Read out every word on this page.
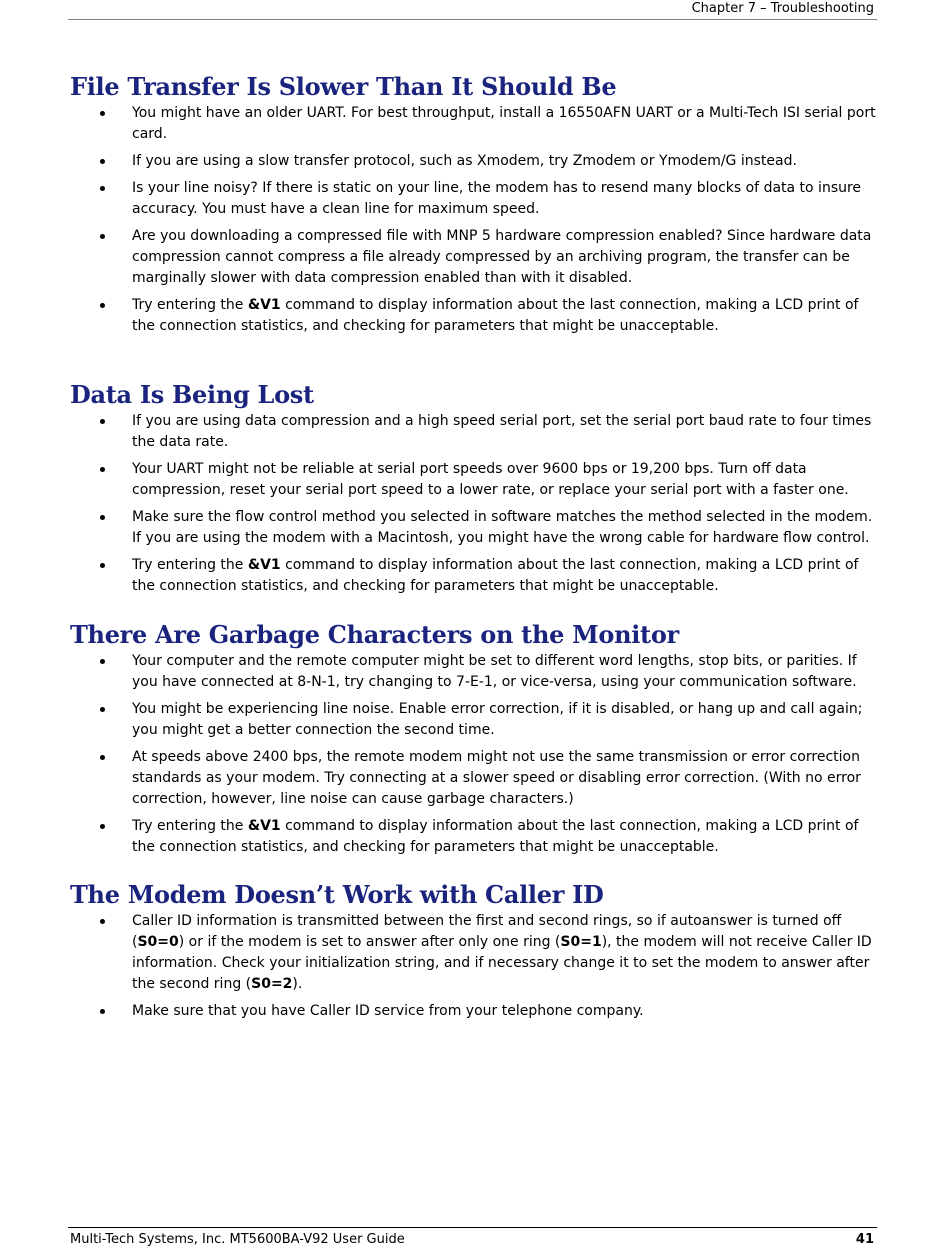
Chapter 7 – Troubleshooting
File Transfer Is Slower Than It Should Be
You might have an older UART. For best throughput, install a 16550AFN UART or a Multi-Tech ISI serial port card.
If you are using a slow transfer protocol, such as Xmodem, try Zmodem or Ymodem/G instead.
Is your line noisy? If there is static on your line, the modem has to resend many blocks of data to insure accuracy. You must have a clean line for maximum speed.
Are you downloading a compressed file with MNP 5 hardware compression enabled? Since hardware data compression cannot compress a file already compressed by an archiving program, the transfer can be marginally slower with data compression enabled than with it disabled.
Try entering the &V1 command to display information about the last connection, making a LCD print of the connection statistics, and checking for parameters that might be unacceptable.
Data Is Being Lost
If you are using data compression and a high speed serial port, set the serial port baud rate to four times the data rate.
Your UART might not be reliable at serial port speeds over 9600 bps or 19,200 bps. Turn off data compression, reset your serial port speed to a lower rate, or replace your serial port with a faster one.
Make sure the flow control method you selected in software matches the method selected in the modem. If you are using the modem with a Macintosh, you might have the wrong cable for hardware flow control.
Try entering the &V1 command to display information about the last connection, making a LCD print of the connection statistics, and checking for parameters that might be unacceptable.
There Are Garbage Characters on the Monitor
Your computer and the remote computer might be set to different word lengths, stop bits, or parities. If you have connected at 8-N-1, try changing to 7-E-1, or vice-versa, using your communication software.
You might be experiencing line noise. Enable error correction, if it is disabled, or hang up and call again; you might get a better connection the second time.
At speeds above 2400 bps, the remote modem might not use the same transmission or error correction standards as your modem. Try connecting at a slower speed or disabling error correction. (With no error correction, however, line noise can cause garbage characters.)
Try entering the &V1 command to display information about the last connection, making a LCD print of the connection statistics, and checking for parameters that might be unacceptable.
The Modem Doesn’t Work with Caller ID
Caller ID information is transmitted between the first and second rings, so if autoanswer is turned off (S0=0) or if the modem is set to answer after only one ring (S0=1), the modem will not receive Caller ID information. Check your initialization string, and if necessary change it to set the modem to answer after the second ring (S0=2).
Make sure that you have Caller ID service from your telephone company.
Multi-Tech Systems, Inc. MT5600BA-V92 User Guide	41
